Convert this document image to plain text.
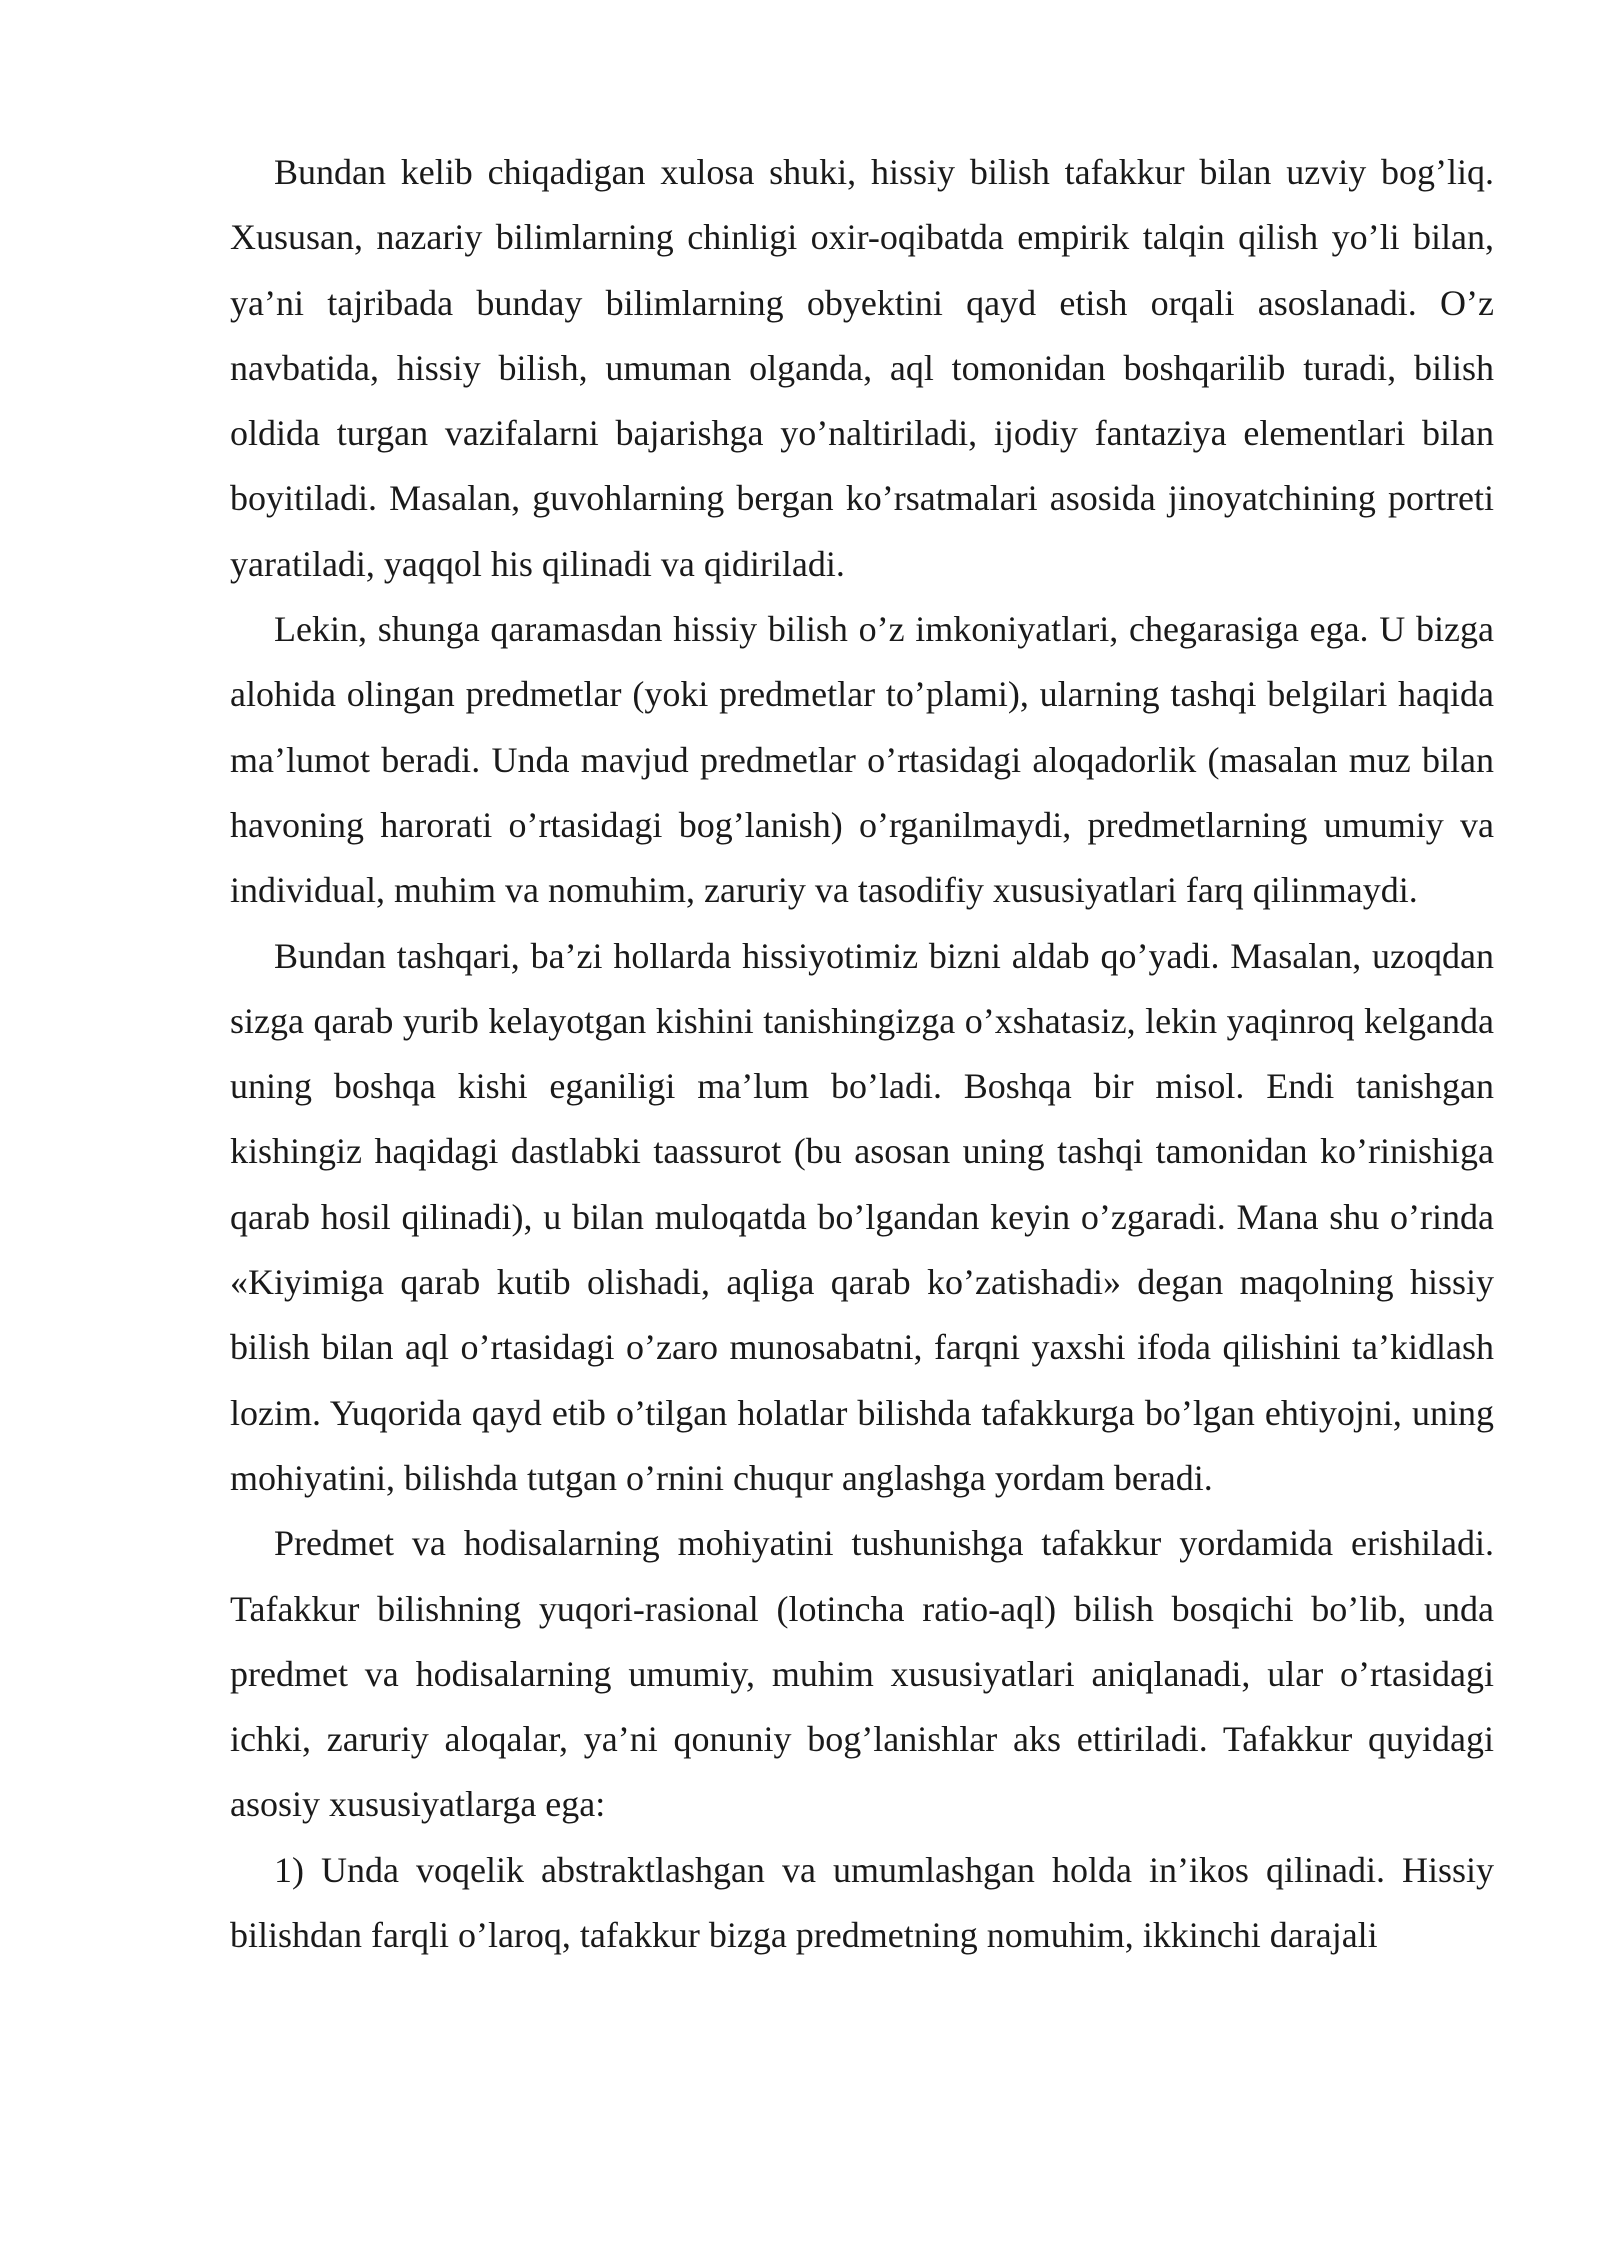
Bundan kelib chiqadigan xulosa shuki, hissiy bilish tafakkur bilan uzviy bog’liq. Xususan, nazariy bilimlarning chinligi oxir-oqibatda empirik talqin qilish yo’li bilan, ya’ni tajribada bunday bilimlarning obyektini qayd etish orqali asoslanadi. O’z navbatida, hissiy bilish, umuman olganda, aql tomonidan boshqarilib turadi, bilish oldida turgan vazifalarni bajarishga yo’naltiriladi, ijodiy fantaziya elementlari bilan boyitiladi. Masalan, guvohlarning bergan ko’rsatmalari asosida jinoyatchining portreti yaratiladi, yaqqol his qilinadi va qidiriladi.

Lekin, shunga qaramasdan hissiy bilish o’z imkoniyatlari, chegarasiga ega. U bizga alohida olingan predmetlar (yoki predmetlar to’plami), ularning tashqi belgilari haqida ma’lumot beradi. Unda mavjud predmetlar o’rtasidagi aloqadorlik (masalan muz bilan havoning harorati o’rtasidagi bog’lanish) o’rganilmaydi, predmetlarning umumiy va individual, muhim va nomuhim, zaruriy va tasodifiy xususiyatlari farq qilinmaydi.

Bundan tashqari, ba’zi hollarda hissiyotimiz bizni aldab qo’yadi. Masalan, uzoqdan sizga qarab yurib kelayotgan kishini tanishingizga o’xshatasiz, lekin yaqinroq kelganda uning boshqa kishi eganiligi ma’lum bo’ladi. Boshqa bir misol. Endi tanishgan kishingiz haqidagi dastlabki taassurot (bu asosan uning tashqi tamonidan ko’rinishiga qarab hosil qilinadi), u bilan muloqatda bo’lgandan keyin o’zgaradi. Mana shu o’rinda «Kiyimiga qarab kutib olishadi, aqliga qarab ko’zatishadi» degan maqolning hissiy bilish bilan aql o’rtasidagi o’zaro munosabatni, farqni yaxshi ifoda qilishini ta’kidlash lozim. Yuqorida qayd etib o’tilgan holatlar bilishda tafakkurga bo’lgan ehtiyojni, uning mohiyatini, bilishda tutgan o’rnini chuqur anglashga yordam beradi.

Predmet va hodisalarning mohiyatini tushunishga tafakkur yordamida erishiladi. Tafakkur bilishning yuqori-rasional (lotincha ratio-aql) bilish bosqichi bo’lib, unda predmet va hodisalarning umumiy, muhim xususiyatlari aniqlanadi, ular o’rtasidagi ichki, zaruriy aloqalar, ya’ni qonuniy bog’lanishlar aks ettiriladi. Tafakkur quyidagi asosiy xususiyatlarga ega:

1) Unda voqelik abstraktlashgan va umumlashgan holda in’ikos qilinadi. Hissiy bilishdan farqli o’laroq, tafakkur bizga predmetning nomuhim, ikkinchi darajali
